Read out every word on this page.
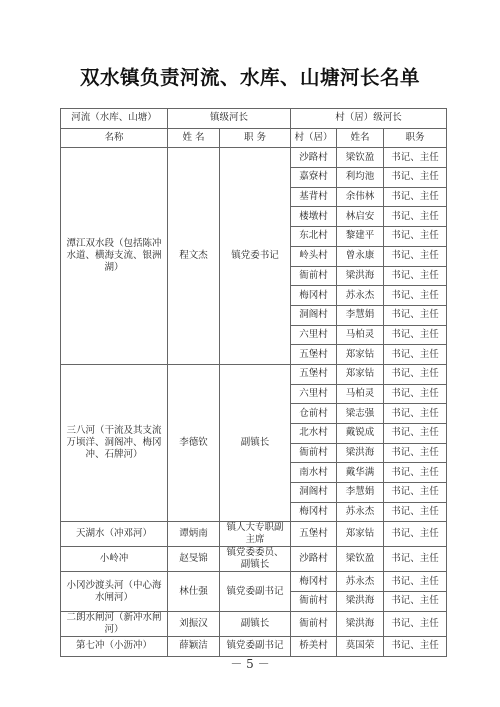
双水镇负责河流、水库、山塘河长名单
河流（水库、山塘）	镇级河长		村（居）级河长		
名称	姓 名	职 务	村（居）	姓名	职务
潭江双水段（包括陈冲水道、横海支流、银洲湖）	程文杰	镇党委书记	沙路村	梁钦盈	书记、主任
			嘉寮村	利均池	书记、主任
			基背村	余伟林	书记、主任
			楼墩村	林启安	书记、主任
			东北村	黎建平	书记、主任
			岭头村	曾永康	书记、主任
			衙前村	梁洪海	书记、主任
			梅冈村	苏永杰	书记、主任
			洞阁村	李慧娟	书记、主任
			六里村	马柏灵	书记、主任
			五堡村	郑家钻	书记、主任
三八河（干流及其支流万顷洋、洞阁冲、梅冈冲、石牌河）	李德钦	副镇长	五堡村	郑家钻	书记、主任
			六里村	马柏灵	书记、主任
			仓前村	梁志强	书记、主任
			北水村	戴锐成	书记、主任
			衙前村	梁洪海	书记、主任
			南水村	戴华满	书记、主任
			洞阁村	李慧娟	书记、主任
			梅冈村	苏永杰	书记、主任
天湖水（冲邓河）	谭炳南	镇人大专职副主席	五堡村	郑家钻	书记、主任
小岭冲	赵旻锦	镇党委委员、副镇长	沙路村	梁钦盈	书记、主任
小冈沙渡头河（中心海水闸河）	林仕强	镇党委副书记	梅冈村	苏永杰	书记、主任
			衙前村	梁洪海	书记、主任
二朗水闸河（新冲水闸河）	刘振汉	副镇长	衙前村	梁洪海	书记、主任
第七冲（小沥冲）	薛颖洁	镇党委副书记	桥美村	莫国荣	书记、主任
－ 5 －
